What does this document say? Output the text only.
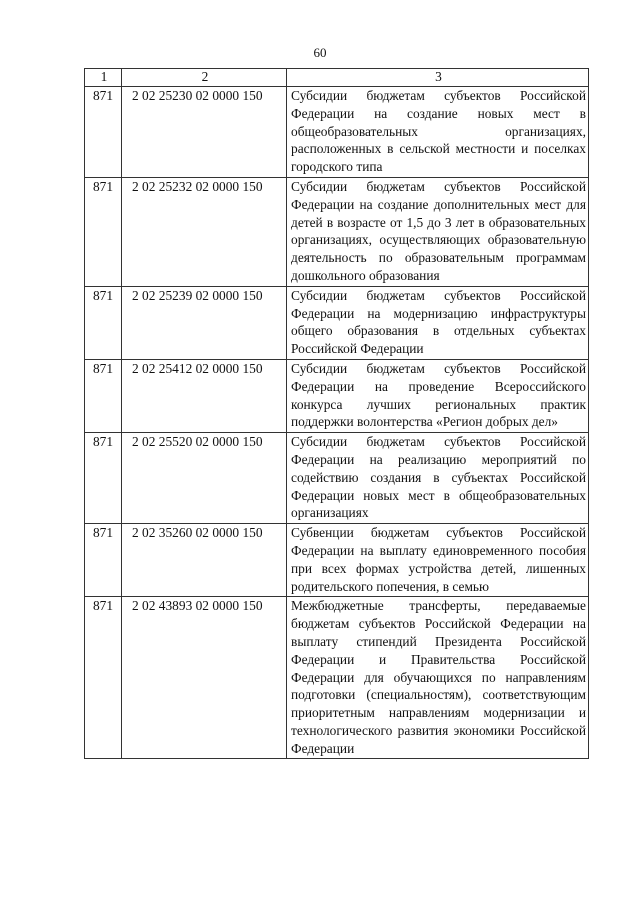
60
1	2	3
871	2 02 25230 02 0000 150	Субсидии бюджетам субъектов Российской Федерации на создание новых мест в общеобразовательных организациях, расположенных в сельской местности и поселках городского типа
871	2 02 25232 02 0000 150	Субсидии бюджетам субъектов Российской Федерации на создание дополнительных мест для детей в возрасте от 1,5 до 3 лет в образовательных организациях, осуществляющих образовательную деятельность по образовательным программам дошкольного образования
871	2 02 25239 02 0000 150	Субсидии бюджетам субъектов Российской Федерации на модернизацию инфраструктуры общего образования в отдельных субъектах Российской Федерации
871	2 02 25412 02 0000 150	Субсидии бюджетам субъектов Российской Федерации на проведение Всероссийского конкурса лучших региональных практик поддержки волонтерства «Регион добрых дел»
871	2 02 25520 02 0000 150	Субсидии бюджетам субъектов Российской Федерации на реализацию мероприятий по содействию создания в субъектах Российской Федерации новых мест в общеобразовательных организациях
871	2 02 35260 02 0000 150	Субвенции бюджетам субъектов Российской Федерации на выплату единовременного пособия при всех формах устройства детей, лишенных родительского попечения, в семью
871	2 02 43893 02 0000 150	Межбюджетные трансферты, передаваемые бюджетам субъектов Российской Федерации на выплату стипендий Президента Российской Федерации и Правительства Российской Федерации для обучающихся по направлениям подготовки (специальностям), соответствующим приоритетным направлениям модернизации и технологического развития экономики Российской Федерации
